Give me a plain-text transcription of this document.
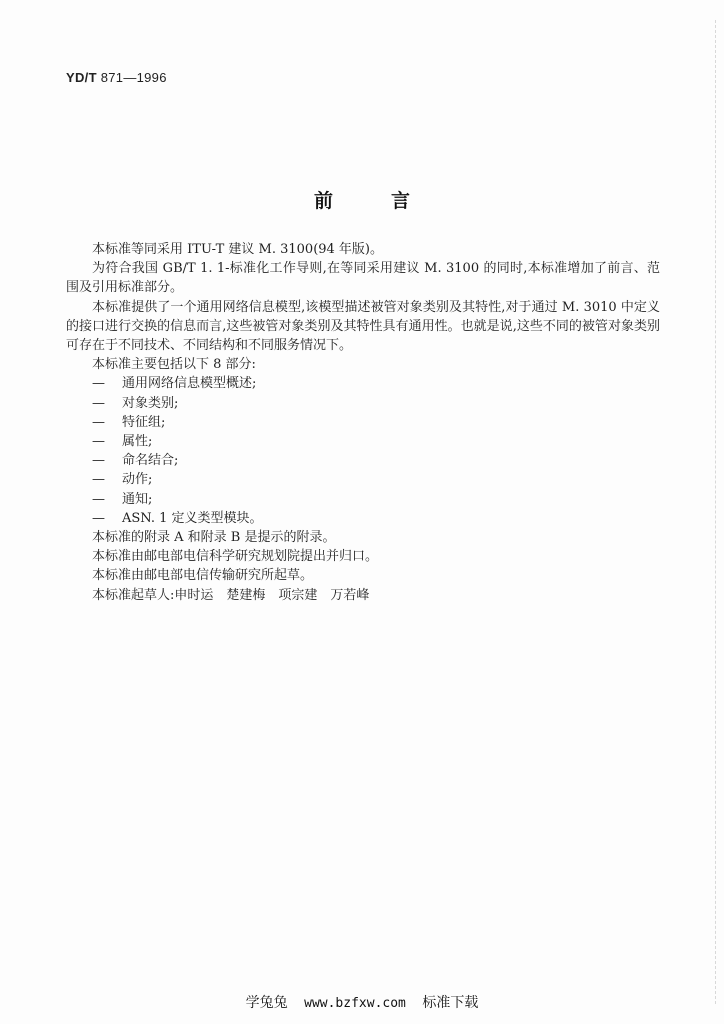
YD/T 871—1996
前言

本标准等同采用 ITU-T 建议 M. 3100(94 年版)。

为符合我国 GB/T 1. 1-标准化工作导则,在等同采用建议 M. 3100 的同时,本标准增加了前言、范围及引用标准部分。

本标准提供了一个通用网络信息模型,该模型描述被管对象类别及其特性,对于通过 M. 3010 中定义的接口进行交换的信息而言,这些被管对象类别及其特性具有通用性。也就是说,这些不同的被管对象类别可存在于不同技术、不同结构和不同服务情况下。

本标准主要包括以下 8 部分:

—	通用网络信息模型概述;
—	对象类别;
—	特征组;
—	属性;
—	命名结合;
—	动作;
—	通知;
—	ASN. 1 定义类型模块。

本标准的附录 A 和附录 B 是提示的附录。

本标准由邮电部电信科学研究规划院提出并归口。

本标准由邮电部电信传输研究所起草。

本标准起草人:申时运　楚建梅　项宗建　万若峰

学兔兔 www.bzfxw.com 标准下载
